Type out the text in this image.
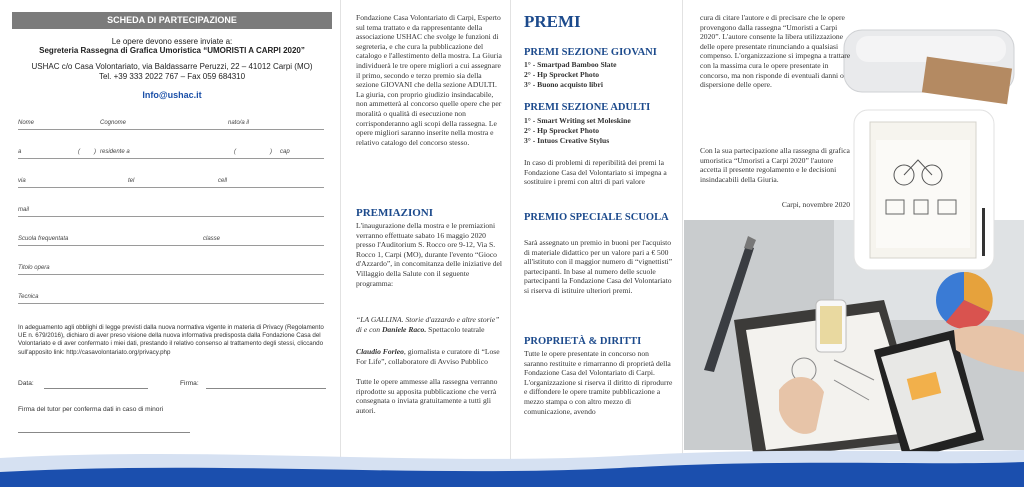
SCHEDA DI PARTECIPAZIONE
Le opere devono essere inviate a:
Segreteria Rassegna di Grafica Umoristica “UMORISTI A CARPI 2020”
USHAC c/o Casa Volontariato, via Baldassarre Peruzzi, 22 – 41012 Carpi (MO)
Tel. +39 333 2022 767 – Fax 059 684310
Info@ushac.it
Nome	Cognome	nato/a il
a	(	) residente a	(	)	cap
via	tel	cell
mail
Scuola frequentata	classe
Titolo opera
Tecnica
In adeguamento agli obblighi di legge previsti dalla nuova normativa vigente in materia di Privacy (Regolamento UE n. 679/2016), dichiaro di aver preso visione della nuova informativa predisposta dalla Fondazione Casa del Volontariato e di aver confermato i miei dati, prestando il relativo consenso al trattamento degli stessi, cliccando sull'apposito link: http://casavolontariato.org/privacy.php
Data:	Firma:
Firma del tutor per conferma dati in caso di minori
Fondazione Casa Volontariato di Carpi, Esperto sul tema trattato e da rappresentante della associazione USHAC che svolge le funzioni di segreteria, e che cura la pubblicazione del catalogo e l'allestimento della mostra. La Giuria individuerà le tre opere migliori a cui assegnare il primo, secondo e terzo premio sia della sezione GIOVANI che della sezione ADULTI. La giuria, con proprio giudizio insindacabile, non ammetterà al concorso quelle opere che per moralità o qualità di esecuzione non corrisponderanno agli scopi della rassegna. Le opere migliori saranno inserite nella mostra e relativo catalogo del concorso stesso.
PREMIAZIONI
L'inaugurazione della mostra e le premiazioni verranno effettuate sabato 16 maggio 2020 presso l'Auditorium S. Rocco ore 9-12, Via S. Rocco 1, Carpi (MO), durante l'evento “Gioco d'Azzardo”, in concomitanza delle iniziative del Villaggio della Salute con il seguente programma:
“LA GALLINA. Storie d'azzardo e altre storie” di e con Daniele Raco. Spettacolo teatrale
Claudio Forleo, giornalista e curatore di “Lose For Life”, collaboratore di Avviso Pubblico
Tutte le opere ammesse alla rassegna verranno riprodotte su apposita pubblicazione che verrà consegnata o inviata gratuitamente a tutti gli autori.
PREMI
PREMI SEZIONE GIOVANI
1° - Smartpad Bamboo Slate
2° - Hp Sprocket Photo
3° - Buono acquisto libri
PREMI SEZIONE ADULTI
1° - Smart Writing set Moleskine
2° - Hp Sprocket Photo
3° - Intuos Creative Stylus
In caso di problemi di reperibilità dei premi la Fondazione Casa del Volontariato si impegna a sostituire i premi con altri di pari valore
PREMIO SPECIALE SCUOLA
Sarà assegnato un premio in buoni per l'acquisto di materiale didattico per un valore pari a € 500 all'istituto con il maggior numero di “vignettisti” partecipanti. In base al numero delle scuole partecipanti la Fondazione Casa del Volontariato si riserva di istituire ulteriori premi.
PROPRIETÀ & DIRITTI
Tutte le opere presentate in concorso non saranno restituite e rimarranno di proprietà della Fondazione Casa del Volontariato di Carpi. L'organizzazione si riserva il diritto di riprodurre e diffondere le opere tramite pubblicazione a mezzo stampa o con altro mezzo di comunicazione, avendo
cura di citare l'autore e di precisare che le opere provengono dalla rassegna “Umoristi a Carpi 2020”. L'autore consente la libera utilizzazione delle opere presentate rinunciando a qualsiasi compenso. L'organizzazione si impegna a trattare con la massima cura le opere presentate in concorso, ma non risponde di eventuali danni o dispersione delle opere.
Con la sua partecipazione alla rassegna di grafica umoristica “Umoristi a Carpi 2020” l'autore accetta il presente regolamento e le decisioni insindacabili della Giuria.
Carpi, novembre 2020
